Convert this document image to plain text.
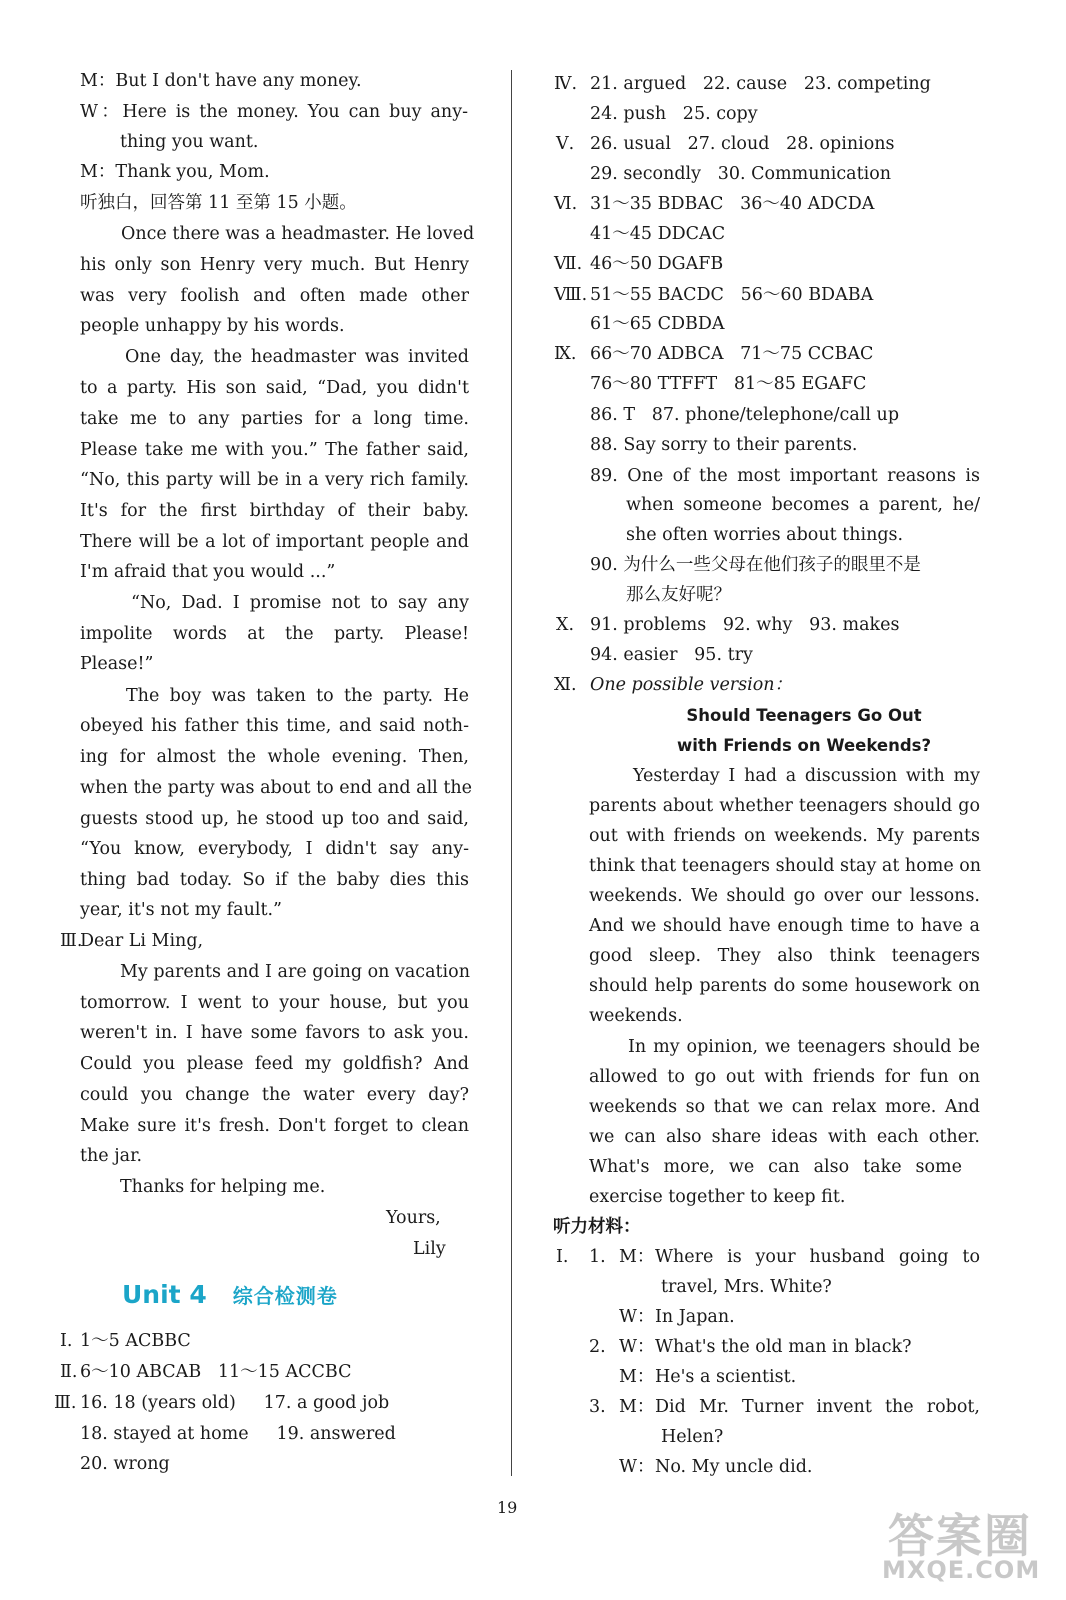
M：But I don't have any money.
W：Here is the money. You can buy any-
thing you want.
M：Thank you, Mom.
听独白，回答第 11 至第 15 小题。
Once there was a headmaster. He loved
his only son Henry very much. But Henry
was very foolish and often made other
people unhappy by his words.
One day, the headmaster was invited
to a party. His son said, “Dad, you didn't
take me to any parties for a long time.
Please take me with you.” The father said,
“No, this party will be in a very rich family.
It's for the first birthday of their baby.
There will be a lot of important people and
I'm afraid that you would ...”
“No, Dad. I promise not to say any
impolite words at the party. Please!
Please!”
The boy was taken to the party. He
obeyed his father this time, and said noth-
ing for almost the whole evening. Then,
when the party was about to end and all the
guests stood up, he stood up too and said,
“You know, everybody, I didn't say any-
thing bad today. So if the baby dies this
year, it's not my fault.”
Ⅲ.
Dear Li Ming,
My parents and I are going on vacation
tomorrow. I went to your house, but you
weren't in. I have some favors to ask you.
Could you please feed my goldfish? And
could you change the water every day?
Make sure it's fresh. Don't forget to clean
the jar.
Thanks for helping me.
Yours,
Lily
Unit 4 综合检测卷
Ⅰ. 1～5 ACBBC
Ⅱ. 6～10 ABCAB   11～15 ACCBC
Ⅲ. 16. 18 (years old)     17. a good job
18. stayed at home     19. answered
20. wrong
Ⅳ. 21. argued   22. cause   23. competing
24. push   25. copy
Ⅴ. 26. usual   27. cloud   28. opinions
29. secondly   30. Communication
Ⅵ. 31～35 BDBAC   36～40 ADCDA
41～45 DDCAC
Ⅶ. 46～50 DGAFB
Ⅷ. 51～55 BACDC   56～60 BDABA
61～65 CDBDA
Ⅸ. 66～70 ADBCA   71～75 CCBAC
76～80 TTFFT   81～85 EGAFC
86. T   87. phone/telephone/call up
88. Say sorry to their parents.
89. One of the most important reasons is
when someone becomes a parent, he/
she often worries about things.
90. 为什么一些父母在他们孩子的眼里不是
那么友好呢？
Ⅹ. 91. problems   92. why   93. makes
94. easier   95. try
Ⅺ. One possible version：
Should Teenagers Go Out
with Friends on Weekends?
Yesterday I had a discussion with my
parents about whether teenagers should go
out with friends on weekends. My parents
think that teenagers should stay at home on
weekends. We should go over our lessons.
And we should have enough time to have a
good sleep. They also think teenagers
should help parents do some housework on
weekends.
In my opinion, we teenagers should be
allowed to go out with friends for fun on
weekends so that we can relax more. And
we can also share ideas with each other.
What's more, we can also take some
exercise together to keep fit.
听力材料：
Ⅰ. 1. M： Where is your husband going to
travel, Mrs. White?
W： In Japan.
2. W： What's the old man in black?
M： He's a scientist.
3. M： Did Mr. Turner invent the robot,
Helen?
W： No. My uncle did.
19
答案圈
MXQE.COM
